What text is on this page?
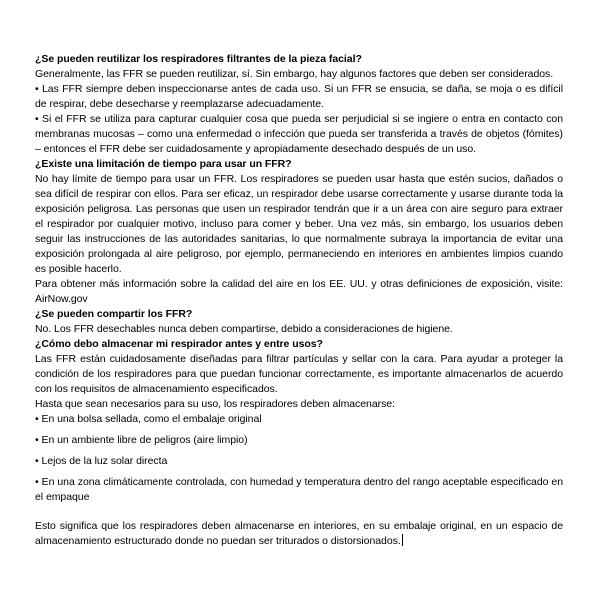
¿Se pueden reutilizar los respiradores filtrantes de la pieza facial?

Generalmente, las FFR se pueden reutilizar, sí. Sin embargo, hay algunos factores que deben ser considerados.

• Las FFR siempre deben inspeccionarse antes de cada uso. Si un FFR se ensucia, se daña, se moja o es difícil de respirar, debe desecharse y reemplazarse adecuadamente.

• Si el FFR se utiliza para capturar cualquier cosa que pueda ser perjudicial si se ingiere o entra en contacto con membranas mucosas – como una enfermedad o infección que pueda ser transferida a través de objetos (fómites) – entonces el FFR debe ser cuidadosamente y apropiadamente desechado después de un uso.

¿Existe una limitación de tiempo para usar un FFR?

No hay límite de tiempo para usar un FFR. Los respiradores se pueden usar hasta que estén sucios, dañados o sea difícil de respirar con ellos. Para ser eficaz, un respirador debe usarse correctamente y usarse durante toda la exposición peligrosa. Las personas que usen un respirador tendrán que ir a un área con aire seguro para extraer el respirador por cualquier motivo, incluso para comer y beber. Una vez más, sin embargo, los usuarios deben seguir las instrucciones de las autoridades sanitarias, lo que normalmente subraya la importancia de evitar una exposición prolongada al aire peligroso, por ejemplo, permaneciendo en interiores en ambientes limpios cuando es posible hacerlo.

Para obtener más información sobre la calidad del aire en los EE. UU. y otras definiciones de exposición, visite: AirNow.gov

¿Se pueden compartir los FFR?

No. Los FFR desechables nunca deben compartirse, debido a consideraciones de higiene.

¿Cómo debo almacenar mi respirador antes y entre usos?

Las FFR están cuidadosamente diseñadas para filtrar partículas y sellar con la cara. Para ayudar a proteger la condición de los respiradores para que puedan funcionar correctamente, es importante almacenarlos de acuerdo con los requisitos de almacenamiento especificados.

Hasta que sean necesarios para su uso, los respiradores deben almacenarse:

• En una bolsa sellada, como el embalaje original

• En un ambiente libre de peligros (aire limpio)

• Lejos de la luz solar directa

• En una zona climáticamente controlada, con humedad y temperatura dentro del rango aceptable especificado en el empaque

Esto significa que los respiradores deben almacenarse en interiores, en su embalaje original, en un espacio de almacenamiento estructurado donde no puedan ser triturados o distorsionados.
